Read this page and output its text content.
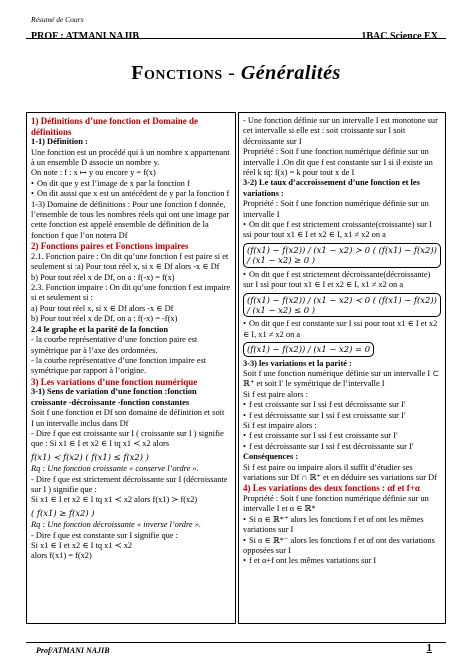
Résumé de Cours
PROF : ATMANI NAJIB	1BAC Science EX
Fonctions - Généralités

1) Définitions d’une fonction et Domaine de définitions

1-1) Définition :

Une fonction est un procédé qui à un nombre x appartenant à un ensemble D associe un nombre y.

On note : f : x ↦ y ou encore y = f(x)

• On dit que y est l’image de x par la fonction f

• On dit aussi que x est un antécédent de y par la fonction f

1-3) Domaine de définitions : Pour une fonction f donnée, l’ensemble de tous les nombres réels qui ont une image par cette fonction est appelé ensemble de définition de la fonction f que l’on notera Df

2) Fonctions paires et Fonctions impaires

2.1. Fonction paire : On dit qu’une fonction f est paire si et seulement si :a) Pour tout réel x, si x ∈ Df alors -x ∈ Df

b) Pour tout réel x de Df, on a : f(-x) = f(x)

2.3. Fonction impaire : On dit qu’une fonction f est impaire si et seulement si :

a) Pour tout réel x, si x ∈ Df alors -x ∈ Df

b) Pour tout réel x de Df, on a : f(-x) = -f(x)

2.4 le graphe et la parité de la fonction

- la courbe représentative d’une fonction paire est symétrique par à l’axe des ordonnées.

- la courbe représentative d’une fonction impaire est symétrique par rapport à l’origine.

3) Les variations d’une fonction numérique

3-1) Sens de variation d’une fonction :fonction croissante -décroissante -fonction constantes

Soit f une fonction et Df son domaine de définition et soit

I un intervalle inclus dans Df

- Dire f que est croissante sur I ( croissante sur I ) signifie que : Si x1 ∈ I et x2 ∈ I tq x1 ≺ x2 alors

f(x1) ≺ f(x2) ( f(x1) ≤ f(x2) )

Rq : Une fonction croissante « conserve l’ordre ».

- Dire f que est strictement décroissante sur I (décroissante sur I ) signifie que :

Si x1 ∈ I et x2 ∈ I tq x1 ≺ x2 alors f(x1) ≻ f(x2)

( f(x1) ≥ f(x2) )

Rq : Une fonction décroissante « inverse l’ordre ».

- Dire f que est constante sur I signifie que :

Si x1 ∈ I et x2 ∈ I tq x1 ≺ x2

alors f(x1) = f(x2)

- Une fonction définie sur un intervalle I est monotone sur cet intervalle si elle est : soit croissante sur I soit décroissante sur I

Propriété : Soit f une fonction numérique définie sur un intervalle I .On dit que f est constante sur I si il existe un réel k tq: f(x) = k pour tout x de I

3-2) Le taux d’accroissement d’une fonction et les variations :

Propriété : Soit f une fonction numérique définie sur un intervalle I

• On dit que f est strictement croissante(croissante) sur I ssi pour tout x1 ∈ I et x2 ∈ I, x1 ≠ x2 on a

(f(x1) − f(x2)) / (x1 − x2) ≻ 0 ( (f(x1) − f(x2)) / (x1 − x2) ≥ 0 )

• On dit que f est strictement décroissante(décroissante) sur I ssi pour tout x1 ∈ I et x2 ∈ I, x1 ≠ x2 on a

(f(x1) − f(x2)) / (x1 − x2) ≺ 0 ( (f(x1) − f(x2)) / (x1 − x2) ≤ 0 )

• On dit que f est constante sur I ssi pour tout x1 ∈ I et x2 ∈ I, x1 ≠ x2 on a

(f(x1) − f(x2)) / (x1 − x2) = 0

3-3) les variations et la parité :

Soit f une fonction numérique définie sur un intervalle I ⊂ ℝ⁺ et soit I′ le symétrique de l’intervalle I

Si f est paire alors :

• f est croissante sur I ssi f est décroissante sur I′

• f est décroissante sur I ssi f est croissante sur I′

Si f est impaire alors :

• f est croissante sur I ssi f est croissante sur I′

• f est décroissante sur I ssi f est décroissante sur I′

Conséquences :

Si f est paire ou impaire alors il suffit d’étudier ses variations sur Df ∩ ℝ⁺ et en déduire ses variations sur Df

4) Les variations des deux fonctions : αf et f+α

Propriété : Soit f une fonction numérique définie sur un intervalle I et α ∈ ℝ*

• Si α ∈ ℝ*⁺ alors les fonctions f et αf ont les mêmes variations sur I

• Si α ∈ ℝ*⁻ alors les fonctions f et αf ont des variations opposées sur I

• f et α+f ont les mêmes variations sur I

Prof/ATMANI NAJIB	1
